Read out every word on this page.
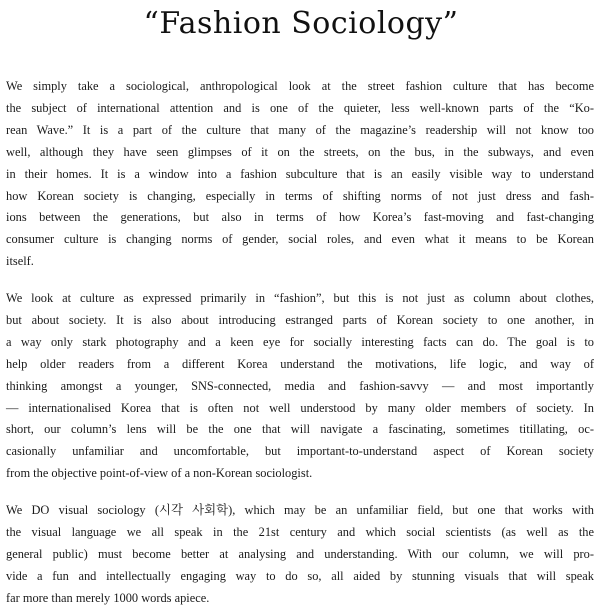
“Fashion Sociology”

We simply take a sociological, anthropological look at the street fashion culture that has become
the subject of international attention and is one of the quieter, less well-known parts of the “Ko-
rean Wave.” It is a part of the culture that many of the magazine’s readership will not know too
well, although they have seen glimpses of it on the streets, on the bus, in the subways, and even
in their homes. It is a window into a fashion subculture that is an easily visible way to understand
how Korean society is changing, especially in terms of shifting norms of not just dress and fash-
ions between the generations, but also in terms of how Korea’s fast-moving and fast-changing
consumer culture is changing norms of gender, social roles, and even what it means to be Korean
itself.

We look at culture as expressed primarily in “fashion”, but this is not just as column about clothes,
but about society. It is also about introducing estranged parts of Korean society to one another, in
a way only stark photography and a keen eye for socially interesting facts can do. The goal is to
help older readers from a different Korea understand the motivations, life logic, and way of
thinking amongst a younger, SNS-connected, media and fashion-savvy — and most importantly
— internationalised Korea that is often not well understood by many older members of society. In
short, our column’s lens will be the one that will navigate a fascinating, sometimes titillating, oc-
casionally unfamiliar and uncomfortable, but important-to-understand aspect of Korean society
from the objective point-of-view of a non-Korean sociologist.

We DO visual sociology (시각 사회학), which may be an unfamiliar field, but one that works with
the visual language we all speak in the 21st century and which social scientists (as well as the
general public) must become better at analysing and understanding. With our column, we will pro-
vide a fun and intellectually engaging way to do so, all aided by stunning visuals that will speak
far more than merely 1000 words apiece.
